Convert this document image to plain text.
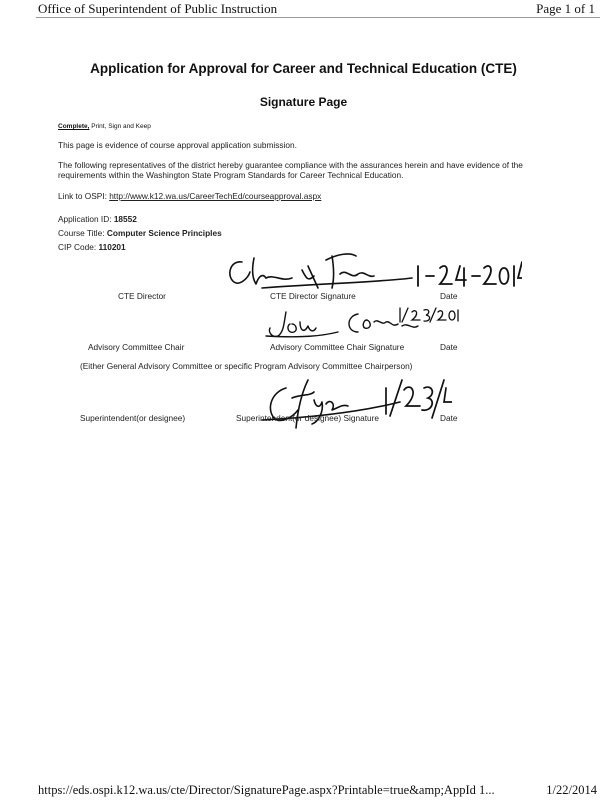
Office of Superintendent of Public Instruction	Page 1 of 1
Application for Approval for Career and Technical Education (CTE)
Signature Page
Complete, Print, Sign and Keep
This page is evidence of course approval application submission.
The following representatives of the district hereby guarantee compliance with the assurances herein and have evidence of the requirements within the Washington State Program Standards for Career Technical Education.
Link to OSPI: http://www.k12.wa.us/CareerTechEd/courseapproval.aspx
Application ID: 18552
Course Title: Computer Science Principles
CIP Code: 110201
CTE Director	CTE Director Signature	Date
Advisory Committee Chair	Advisory Committee Chair Signature	Date
(Either General Advisory Committee or specific Program Advisory Committee Chairperson)
Superintendent(or designee)	Superintendent(or designee) Signature	Date
https://eds.ospi.k12.wa.us/cte/Director/SignaturePage.aspx?Printable=true&amp;AppId 1...	1/22/2014
